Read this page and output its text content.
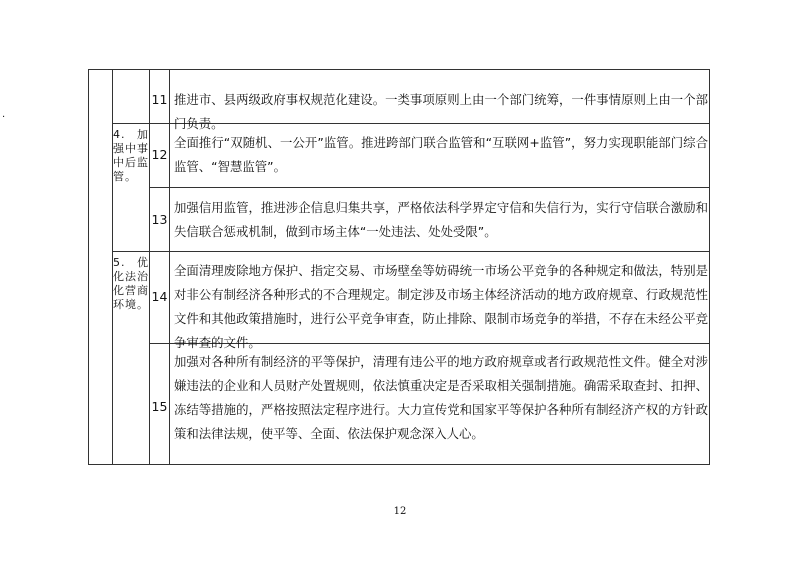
.
4. 加强中事中后监管。
5. 优化法治化营商环境。
11
12
13
14
15
推进市、县两级政府事权规范化建设。一类事项原则上由一个部门统筹，一件事情原则上由一个部门负责。
全面推行“双随机、一公开”监管。推进跨部门联合监管和“互联网+监管”，努力实现职能部门综合监管、“智慧监管”。
加强信用监管，推进涉企信息归集共享，严格依法科学界定守信和失信行为，实行守信联合激励和失信联合惩戒机制，做到市场主体“一处违法、处处受限”。
全面清理废除地方保护、指定交易、市场壁垒等妨碍统一市场公平竞争的各种规定和做法，特别是对非公有制经济各种形式的不合理规定。制定涉及市场主体经济活动的地方政府规章、行政规范性文件和其他政策措施时，进行公平竞争审查，防止排除、限制市场竞争的举措，不存在未经公平竞争审查的文件。
加强对各种所有制经济的平等保护，清理有违公平的地方政府规章或者行政规范性文件。健全对涉嫌违法的企业和人员财产处置规则，依法慎重决定是否采取相关强制措施。确需采取查封、扣押、冻结等措施的，严格按照法定程序进行。大力宣传党和国家平等保护各种所有制经济产权的方针政策和法律法规，使平等、全面、依法保护观念深入人心。
12
